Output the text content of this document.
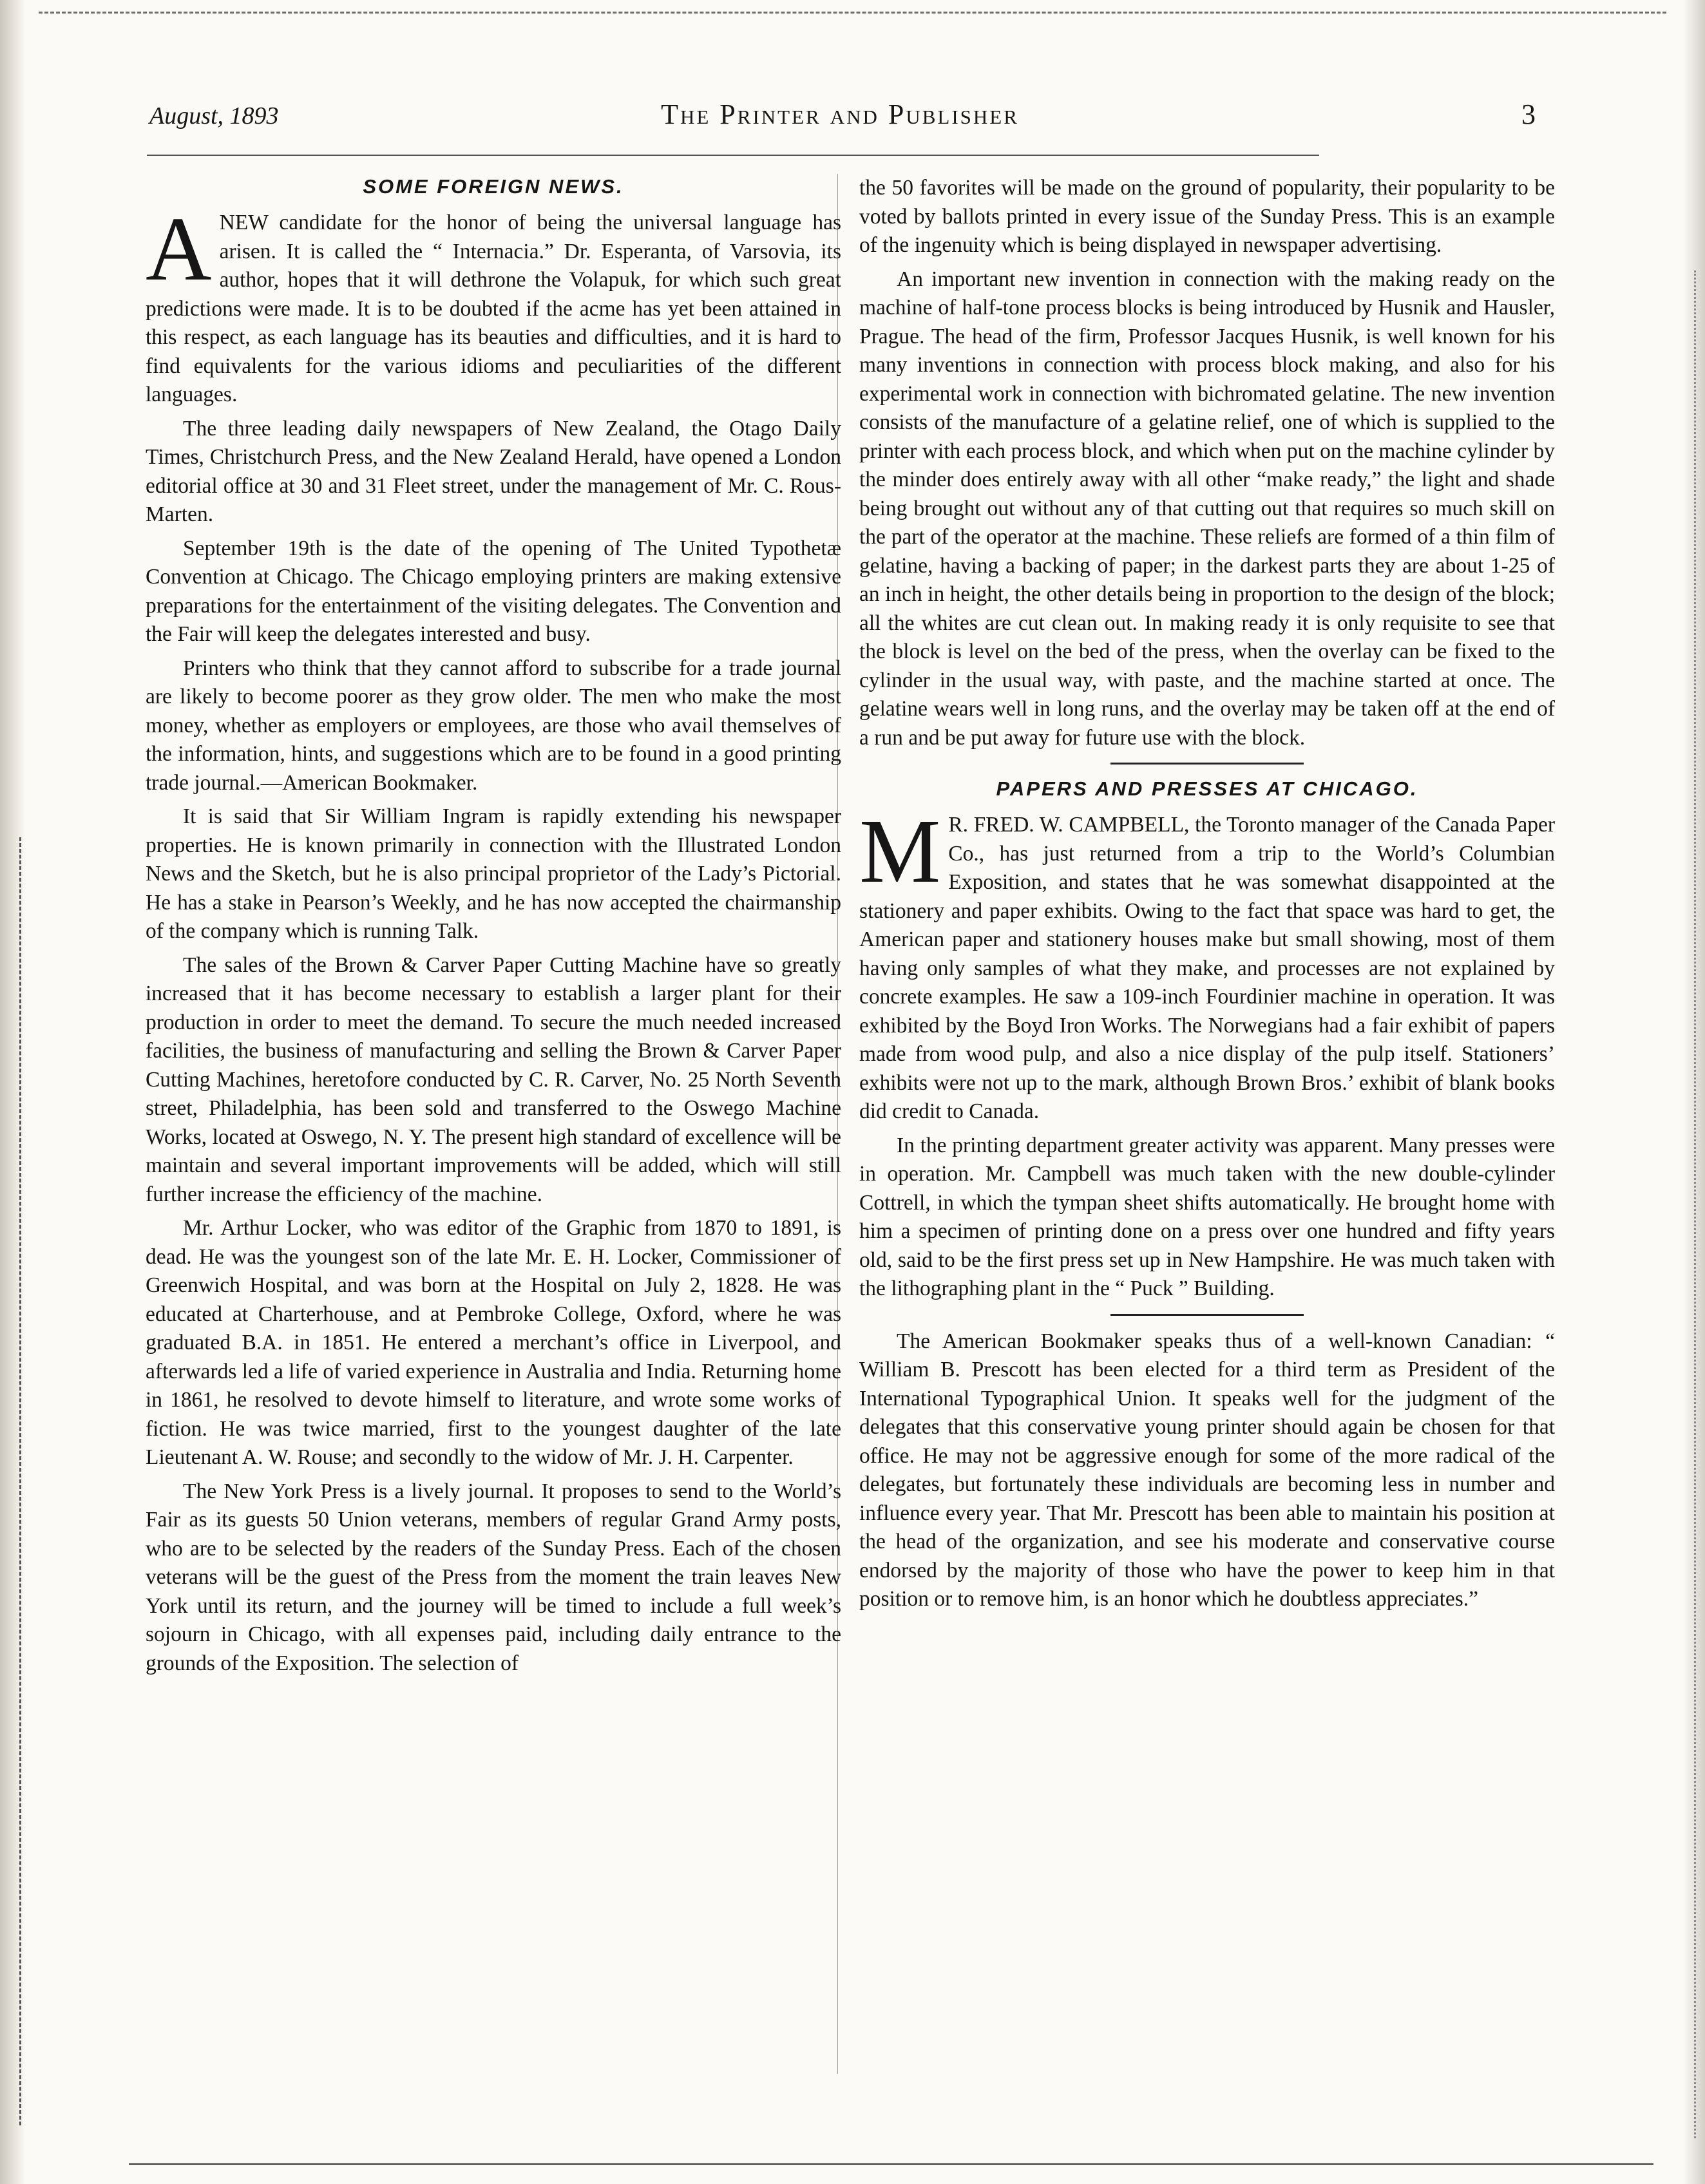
August, 1893	The Printer and Publisher	3
SOME FOREIGN NEWS.

ANEW candidate for the honor of being the universal language has arisen. It is called the “ Internacia.” Dr. Esperanta, of Varsovia, its author, hopes that it will dethrone the Volapuk, for which such great predictions were made. It is to be doubted if the acme has yet been attained in this respect, as each language has its beauties and difficulties, and it is hard to find equivalents for the various idioms and peculiarities of the different languages.

The three leading daily newspapers of New Zealand, the Otago Daily Times, Christchurch Press, and the New Zealand Herald, have opened a London editorial office at 30 and 31 Fleet street, under the management of Mr. C. Rous-Marten.

September 19th is the date of the opening of The United Typothetæ Convention at Chicago. The Chicago employing printers are making extensive preparations for the entertainment of the visiting delegates. The Convention and the Fair will keep the delegates interested and busy.

Printers who think that they cannot afford to subscribe for a trade journal are likely to become poorer as they grow older. The men who make the most money, whether as employers or employees, are those who avail themselves of the information, hints, and suggestions which are to be found in a good printing trade journal.—American Bookmaker.

It is said that Sir William Ingram is rapidly extending his newspaper properties. He is known primarily in connection with the Illustrated London News and the Sketch, but he is also principal proprietor of the Lady’s Pictorial. He has a stake in Pearson’s Weekly, and he has now accepted the chairmanship of the company which is running Talk.

The sales of the Brown & Carver Paper Cutting Machine have so greatly increased that it has become necessary to establish a larger plant for their production in order to meet the demand. To secure the much needed increased facilities, the business of manufacturing and selling the Brown & Carver Paper Cutting Machines, heretofore conducted by C. R. Carver, No. 25 North Seventh street, Philadelphia, has been sold and transferred to the Oswego Machine Works, located at Oswego, N. Y. The present high standard of excellence will be maintain and several important improvements will be added, which will still further increase the efficiency of the machine.

Mr. Arthur Locker, who was editor of the Graphic from 1870 to 1891, is dead. He was the youngest son of the late Mr. E. H. Locker, Commissioner of Greenwich Hospital, and was born at the Hospital on July 2, 1828. He was educated at Charterhouse, and at Pembroke College, Oxford, where he was graduated B.A. in 1851. He entered a merchant’s office in Liverpool, and afterwards led a life of varied experience in Australia and India. Returning home in 1861, he resolved to devote himself to literature, and wrote some works of fiction. He was twice married, first to the youngest daughter of the late Lieutenant A. W. Rouse; and secondly to the widow of Mr. J. H. Carpenter.

The New York Press is a lively journal. It proposes to send to the World’s Fair as its guests 50 Union veterans, members of regular Grand Army posts, who are to be selected by the readers of the Sunday Press. Each of the chosen veterans will be the guest of the Press from the moment the train leaves New York until its return, and the journey will be timed to include a full week’s sojourn in Chicago, with all expenses paid, including daily entrance to the grounds of the Exposition. The selection of

the 50 favorites will be made on the ground of popularity, their popularity to be voted by ballots printed in every issue of the Sunday Press. This is an example of the ingenuity which is being displayed in newspaper advertising.

An important new invention in connection with the making ready on the machine of half-tone process blocks is being introduced by Husnik and Hausler, Prague. The head of the firm, Professor Jacques Husnik, is well known for his many inventions in connection with process block making, and also for his experimental work in connection with bichromated gelatine. The new invention consists of the manufacture of a gelatine relief, one of which is supplied to the printer with each process block, and which when put on the machine cylinder by the minder does entirely away with all other “make ready,” the light and shade being brought out without any of that cutting out that requires so much skill on the part of the operator at the machine. These reliefs are formed of a thin film of gelatine, having a backing of paper; in the darkest parts they are about 1-25 of an inch in height, the other details being in proportion to the design of the block; all the whites are cut clean out. In making ready it is only requisite to see that the block is level on the bed of the press, when the overlay can be fixed to the cylinder in the usual way, with paste, and the machine started at once. The gelatine wears well in long runs, and the overlay may be taken off at the end of a run and be put away for future use with the block.

PAPERS AND PRESSES AT CHICAGO.

M R. FRED. W. CAMPBELL, the Toronto manager of the Canada Paper Co., has just returned from a trip to the World’s Columbian Exposition, and states that he was somewhat disappointed at the stationery and paper exhibits. Owing to the fact that space was hard to get, the American paper and stationery houses make but small showing, most of them having only samples of what they make, and processes are not explained by concrete examples. He saw a 109-inch Fourdinier machine in operation. It was exhibited by the Boyd Iron Works. The Norwegians had a fair exhibit of papers made from wood pulp, and also a nice display of the pulp itself. Stationers’ exhibits were not up to the mark, although Brown Bros.’ exhibit of blank books did credit to Canada.

In the printing department greater activity was apparent. Many presses were in operation. Mr. Campbell was much taken with the new double-cylinder Cottrell, in which the tympan sheet shifts automatically. He brought home with him a specimen of printing done on a press over one hundred and fifty years old, said to be the first press set up in New Hampshire. He was much taken with the lithographing plant in the “ Puck ” Building.

The American Bookmaker speaks thus of a well-known Canadian: “ William B. Prescott has been elected for a third term as President of the International Typographical Union. It speaks well for the judgment of the delegates that this conservative young printer should again be chosen for that office. He may not be aggressive enough for some of the more radical of the delegates, but fortunately these individuals are becoming less in number and influence every year. That Mr. Prescott has been able to maintain his position at the head of the organization, and see his moderate and conservative course endorsed by the majority of those who have the power to keep him in that position or to remove him, is an honor which he doubtless appreciates.”
